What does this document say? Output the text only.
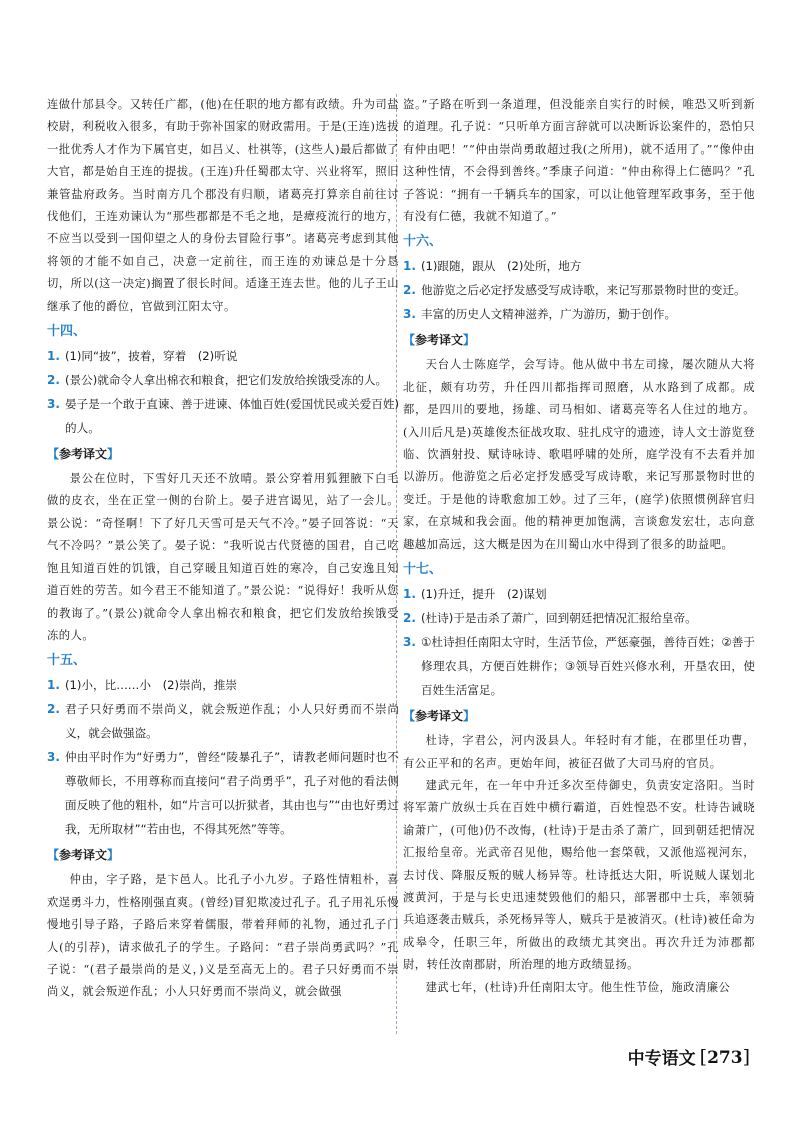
连做什邡县令。又转任广都，(他)在任职的地方都有政绩。升为司盐校尉，利税收入很多，有助于弥补国家的财政需用。于是(王连)选拔一批优秀人才作为下属官吏，如吕乂、杜祺等，(这些人)最后都做了大官，都是始自王连的提拔。(王连)升任蜀郡太守、兴业将军，照旧兼管盐府政务。当时南方几个郡没有归顺，诸葛亮打算亲自前往讨伐他们，王连劝谏认为“那些郡都是不毛之地，是瘴疫流行的地方，不应当以受到一国仰望之人的身份去冒险行事”。诸葛亮考虑到其他将领的才能不如自己，决意一定前往，而王连的劝谏总是十分恳切，所以(这一决定)搁置了很长时间。适逢王连去世。他的儿子王山继承了他的爵位，官做到江阳太守。

十四、
1. (1)同“披”，披着，穿着　(2)听说
2. (景公)就命令人拿出棉衣和粮食，把它们发放给挨饿受冻的人。
3. 晏子是一个敢于直谏、善于进谏、体恤百姓(爱国忧民或关爱百姓)的人。
【参考译文】

景公在位时，下雪好几天还不放晴。景公穿着用狐狸腋下白毛做的皮衣，坐在正堂一侧的台阶上。晏子进宫谒见，站了一会儿。景公说：“奇怪啊！下了好几天雪可是天气不冷。”晏子回答说：“天气不冷吗？”景公笑了。晏子说：“我听说古代贤德的国君，自己吃饱且知道百姓的饥饿，自己穿暖且知道百姓的寒冷，自己安逸且知道百姓的劳苦。如今君王不能知道了。”景公说：“说得好！我听从您的教诲了。”(景公)就命令人拿出棉衣和粮食，把它们发放给挨饿受冻的人。

十五、
1. (1)小，比……小　(2)崇尚，推崇
2. 君子只好勇而不崇尚义，就会叛逆作乱；小人只好勇而不崇尚义，就会做强盗。
3. 仲由平时作为“好勇力”，曾经“陵暴孔子”，请教老师问题时也不尊敬师长，不用尊称而直接问“君子尚勇乎”，孔子对他的看法侧面反映了他的粗朴，如“片言可以折狱者，其由也与”“由也好勇过我，无所取材”“若由也，不得其死然”等等。
【参考译文】

仲由，字子路，是卞邑人。比孔子小九岁。子路性情粗朴，喜欢逞勇斗力，性格刚强直爽。(曾经)冒犯欺凌过孔子。孔子用礼乐慢慢地引导子路，子路后来穿着儒服，带着拜师的礼物，通过孔子门人(的引荐)，请求做孔子的学生。子路问：“君子崇尚勇武吗？”孔子说：“(君子最崇尚的是义，)义是至高无上的。君子只好勇而不崇尚义，就会叛逆作乱；小人只好勇而不崇尚义，就会做强

盗。”子路在听到一条道理，但没能亲自实行的时候，唯恐又听到新的道理。孔子说：“只听单方面言辞就可以决断诉讼案件的，恐怕只有仲由吧！”“仲由崇尚勇敢超过我(之所用)，就不适用了。”“像仲由这种性情，不会得到善终。”季康子问道：“仲由称得上仁德吗？”孔子答说：“拥有一千辆兵车的国家，可以让他管理军政事务，至于他有没有仁德，我就不知道了。”

十六、
1. (1)跟随，跟从　(2)处所，地方
2. 他游览之后必定抒发感受写成诗歌，来记写那景物时世的变迁。
3. 丰富的历史人文精神滋养，广为游历，勤于创作。
【参考译文】

天台人士陈庭学，会写诗。他从做中书左司掾，屡次随从大将北征，颇有功劳，升任四川都指挥司照磨，从水路到了成都。成都，是四川的要地，扬雄、司马相如、诸葛亮等名人住过的地方。(入川后凡是)英雄俊杰征战攻取、驻扎戍守的遗迹，诗人文士游览登临、饮酒射投、赋诗咏诗、歌唱呼啸的处所，庭学没有不去看并加以游历。他游览之后必定抒发感受写成诗歌，来记写那景物时世的变迁。于是他的诗歌愈加工妙。过了三年，(庭学)依照惯例辞官归家，在京城和我会面。他的精神更加饱满，言谈愈发宏壮，志向意趣越加高远，这大概是因为在川蜀山水中得到了很多的助益吧。

十七、
1. (1)升迁，提升　(2)谋划
2. (杜诗)于是击杀了萧广，回到朝廷把情况汇报给皇帝。
3. ①杜诗担任南阳太守时，生活节俭，严惩豪强，善待百姓；②善于修理农具，方便百姓耕作；③领导百姓兴修水利，开垦农田，使百姓生活富足。
【参考译文】

杜诗，字君公，河内汲县人。年轻时有才能，在郡里任功曹，有公正平和的名声。更始年间，被征召做了大司马府的官员。

建武元年，在一年中升迁多次至侍御史，负责安定洛阳。当时将军萧广放纵士兵在百姓中横行霸道，百姓惶恐不安。杜诗告诫晓谕萧广，(可他)仍不改悔，(杜诗)于是击杀了萧广，回到朝廷把情况汇报给皇帝。光武帝召见他，赐给他一套棨戟，又派他巡视河东，去讨伐、降服反叛的贼人杨异等。杜诗抵达大阳，听说贼人谋划北渡黄河，于是与长史迅速焚毁他们的船只，部署郡中士兵，率领骑兵追逐袭击贼兵，杀死杨异等人，贼兵于是被消灭。(杜诗)被任命为成皋令，任职三年，所做出的政绩尤其突出。再次升迁为沛郡都尉，转任汝南郡尉，所治理的地方政绩显扬。

建武七年，(杜诗)升任南阳太守。他生性节俭，施政清廉公

中专语文 [273]
